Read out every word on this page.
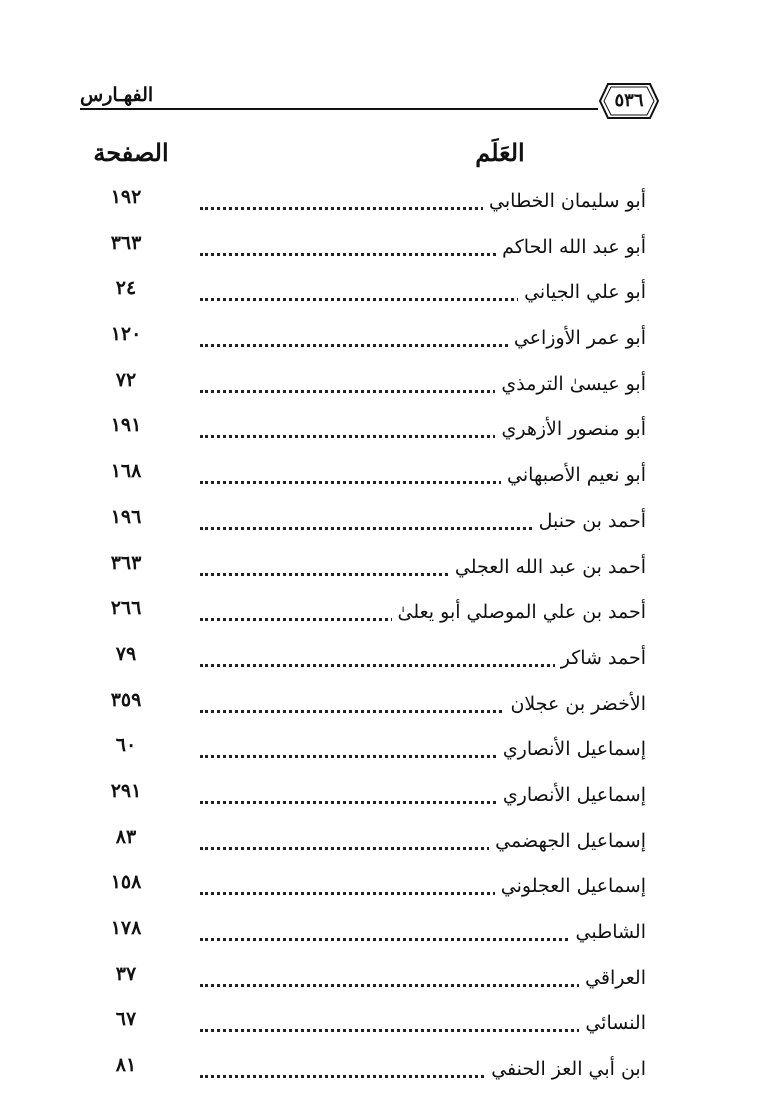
الفهـارس	٥٣٦
العَلَم
الصفحة
أبو سليمان الخطابي
١٩٢
أبو عبد الله الحاكم
٣٦٣
أبو علي الجياني
٢٤
أبو عمر الأوزاعي
١٢٠
أبو عيسىٰ الترمذي
٧٢
أبو منصور الأزهري
١٩١
أبو نعيم الأصبهاني
١٦٨
أحمد بن حنبل
١٩٦
أحمد بن عبد الله العجلي
٣٦٣
أحمد بن علي الموصلي أبو يعلىٰ
٢٦٦
أحمد شاكر
٧٩
الأخضر بن عجلان
٣٥٩
إسماعيل الأنصاري
٦٠
إسماعيل الأنصاري
٢٩١
إسماعيل الجهضمي
٨٣
إسماعيل العجلوني
١٥٨
الشاطبي
١٧٨
العراقي
٣٧
النسائي
٦٧
ابن أبي العز الحنفي
٨١
